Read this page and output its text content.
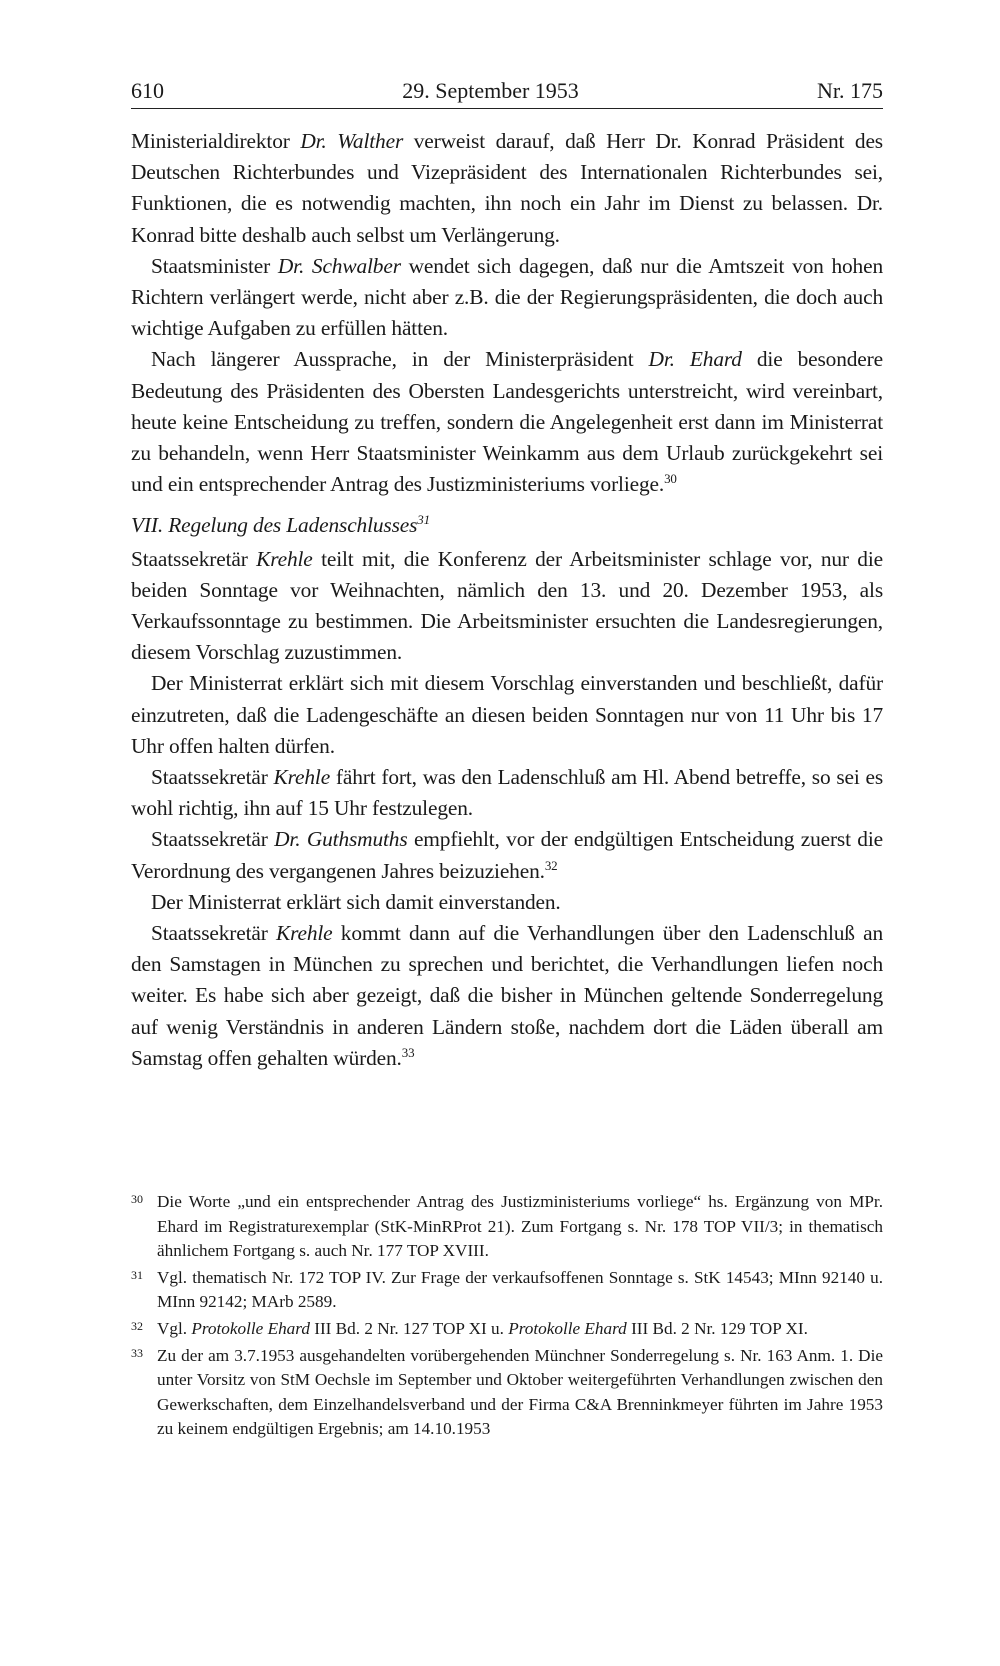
610	29. September 1953	Nr. 175

Ministerialdirektor Dr. Walther verweist darauf, daß Herr Dr. Konrad Präsident des Deutschen Richterbundes und Vizepräsident des Internationalen Richterbundes sei, Funktionen, die es notwendig machten, ihn noch ein Jahr im Dienst zu belassen. Dr. Konrad bitte deshalb auch selbst um Verlängerung.

Staatsminister Dr. Schwalber wendet sich dagegen, daß nur die Amtszeit von hohen Richtern verlängert werde, nicht aber z.B. die der Regierungspräsidenten, die doch auch wichtige Aufgaben zu erfüllen hätten.

Nach längerer Aussprache, in der Ministerpräsident Dr. Ehard die besondere Bedeutung des Präsidenten des Obersten Landesgerichts unterstreicht, wird vereinbart, heute keine Entscheidung zu treffen, sondern die Angelegenheit erst dann im Ministerrat zu behandeln, wenn Herr Staatsminister Weinkamm aus dem Urlaub zurückgekehrt sei und ein entsprechender Antrag des Justizministeriums vorliege.$^{30}$

VII. Regelung des Ladenschlusses$^{31}$

Staatssekretär Krehle teilt mit, die Konferenz der Arbeitsminister schlage vor, nur die beiden Sonntage vor Weihnachten, nämlich den 13. und 20. Dezember 1953, als Verkaufssonntage zu bestimmen. Die Arbeitsminister ersuchten die Landesregierungen, diesem Vorschlag zuzustimmen.

Der Ministerrat erklärt sich mit diesem Vorschlag einverstanden und beschließt, dafür einzutreten, daß die Ladengeschäfte an diesen beiden Sonntagen nur von 11 Uhr bis 17 Uhr offen halten dürfen.

Staatssekretär Krehle fährt fort, was den Ladenschluß am Hl. Abend betreffe, so sei es wohl richtig, ihn auf 15 Uhr festzulegen.

Staatssekretär Dr. Guthsmuths empfiehlt, vor der endgültigen Entscheidung zuerst die Verordnung des vergangenen Jahres beizuziehen.$^{32}$

Der Ministerrat erklärt sich damit einverstanden.

Staatssekretär Krehle kommt dann auf die Verhandlungen über den Ladenschluß an den Samstagen in München zu sprechen und berichtet, die Verhandlungen liefen noch weiter. Es habe sich aber gezeigt, daß die bisher in München geltende Sonderregelung auf wenig Verständnis in anderen Ländern stoße, nachdem dort die Läden überall am Samstag offen gehalten würden.$^{33}$

30 Die Worte „und ein entsprechender Antrag des Justizministeriums vorliege“ hs. Ergänzung von MPr. Ehard im Registraturexemplar (StK-MinRProt 21). Zum Fortgang s. Nr. 178 TOP VII/3; in thematisch ähnlichem Fortgang s. auch Nr. 177 TOP XVIII.
31 Vgl. thematisch Nr. 172 TOP IV. Zur Frage der verkaufsoffenen Sonntage s. StK 14543; MInn 92140 u. MInn 92142; MArb 2589.
32 Vgl. Protokolle Ehard III Bd. 2 Nr. 127 TOP XI u. Protokolle Ehard III Bd. 2 Nr. 129 TOP XI.
33 Zu der am 3.7.1953 ausgehandelten vorübergehenden Münchner Sonderregelung s. Nr. 163 Anm. 1. Die unter Vorsitz von StM Oechsle im September und Oktober weitergeführten Verhandlungen zwischen den Gewerkschaften, dem Einzelhandelsverband und der Firma C&A Brenninkmeyer führten im Jahre 1953 zu keinem endgültigen Ergebnis; am 14.10.1953
